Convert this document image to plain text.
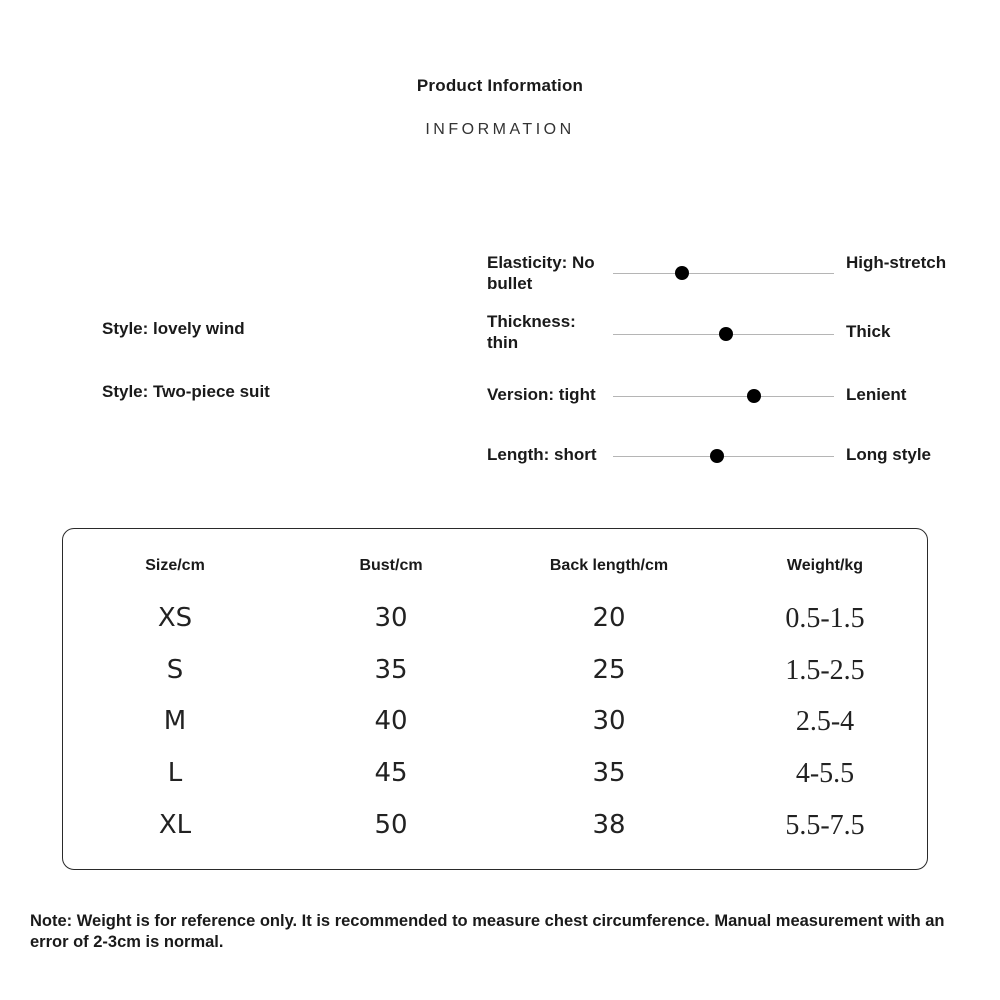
Product Information
INFORMATION
Style: lovely wind
Style: Two-piece suit
Elasticity: No bullet
High-stretch
Thickness: thin
Thick
Version: tight	Lenient
Length: short	Long style
Size/cm	Bust/cm	Back length/cm	Weight/kg
XS	30	20	0.5-1.5
S	35	25	1.5-2.5
M	40	30	2.5-4
L	45	35	4-5.5
XL	50	38	5.5-7.5
Note: Weight is for reference only. It is recommended to measure chest circumference. Manual measurement with an error of 2-3cm is normal.
